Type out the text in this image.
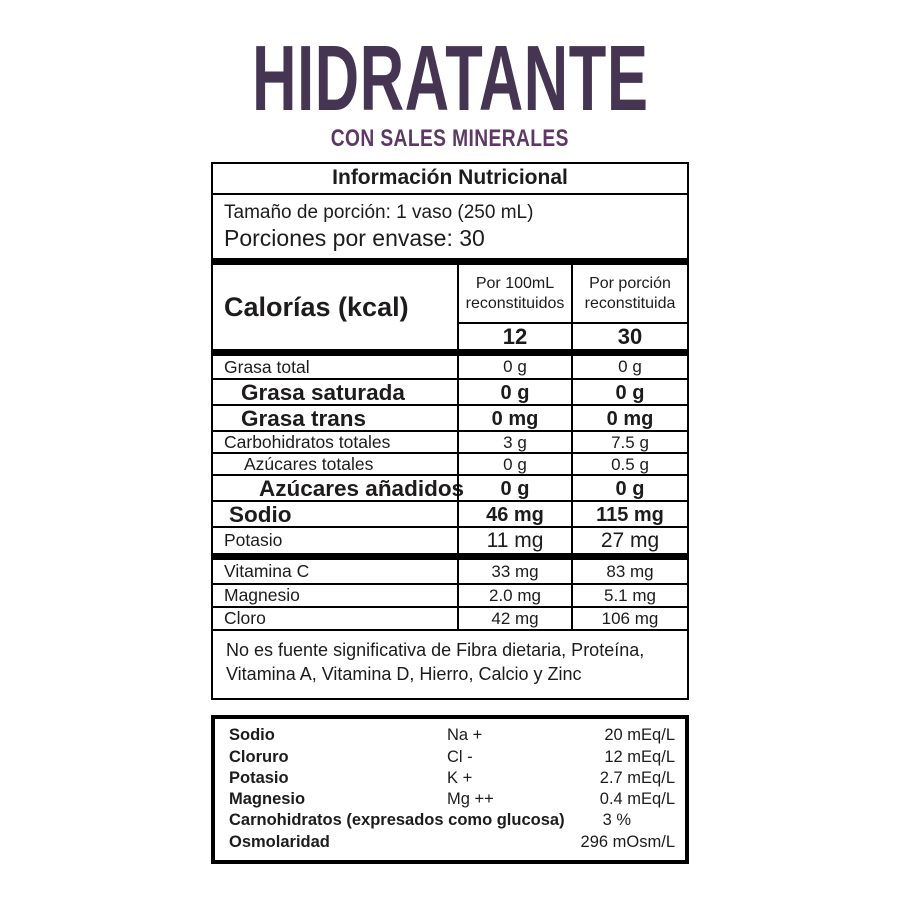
HIDRATANTE
CON SALES MINERALES
Información Nutricional
Tamaño de porción: 1 vaso (250 mL)
Porciones por envase: 30
Calorías (kcal)
Por 100mL reconstituidos
Por porción reconstituida
12	30
Grasa total	0 g	0 g
Grasa saturada	0 g	0 g
Grasa trans	0 mg	0 mg
Carbohidratos totales	3 g	7.5 g
Azúcares totales	0 g	0.5 g
Azúcares añadidos	0 g	0 g
Sodio	46 mg	115 mg
Potasio	11 mg	27 mg
Vitamina C	33 mg	83 mg
Magnesio	2.0 mg	5.1 mg
Cloro	42 mg	106 mg
No es fuente significativa de Fibra dietaria, Proteína,
Vitamina A, Vitamina D, Hierro, Calcio y Zinc
Sodio	Na +	20 mEq/L
Cloruro	Cl -	12 mEq/L
Potasio	K +	2.7 mEq/L
Magnesio	Mg ++	0.4 mEq/L
Carnohidratos (expresados como glucosa)	3 %
Osmolaridad	296 mOsm/L
